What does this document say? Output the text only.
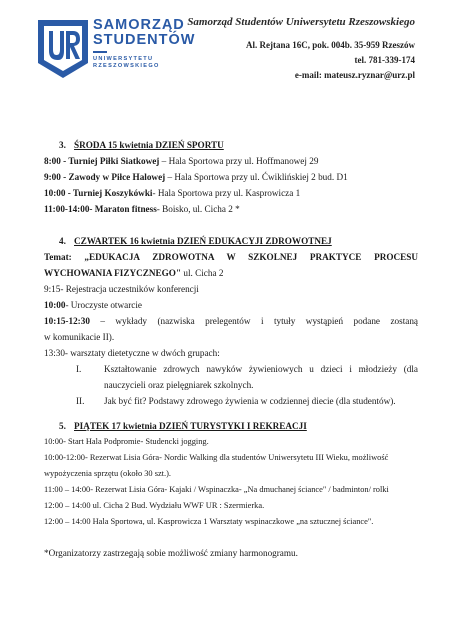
SAMORZĄD
STUDENTÓW
UNIWERSYTETU
RZESZOWSKIEGO
Samorząd Studentów Uniwersytetu Rzeszowskiego
Al. Rejtana 16C, pok. 004b. 35-959 Rzeszów
tel. 781-339-174
e-mail: mateusz.ryznar@urz.pl
3. ŚRODA 15 kwietnia DZIEŃ SPORTU
8:00 - Turniej Piłki Siatkowej – Hala Sportowa przy ul. Hoffmanowej 29
9:00 - Zawody w Piłce Halowej – Hala Sportowa przy ul. Ćwiklińskiej 2 bud. D1
10:00 - Turniej Koszykówki- Hala Sportowa przy ul. Kasprowicza 1
11:00-14:00- Maraton fitness- Boisko, ul. Cicha 2 *
4. CZWARTEK 16 kwietnia DZIEŃ EDUKACYJI ZDROWOTNEJ
Temat: „EDUKACJA ZDROWOTNA W SZKOLNEJ PRAKTYCE PROCESU
WYCHOWANIA FIZYCZNEGO" ul. Cicha 2
9:15- Rejestracja uczestników konferencji
10:00- Uroczyste otwarcie
10:15-12:30 – wykłady (nazwiska prelegentów i tytuły wystąpień podane zostaną
w komunikacie II).
13:30- warsztaty dietetyczne w dwóch grupach:
I.	Kształtowanie zdrowych nawyków żywieniowych u dzieci i młodzieży (dla nauczycieli oraz pielęgniarek szkolnych.
II.	Jak być fit? Podstawy zdrowego żywienia w codziennej diecie (dla studentów).
5. PIĄTEK 17 kwietnia DZIEŃ TURYSTYKI I REKREACJI
10:00- Start Hala Podpromie- Studencki jogging.
10:00-12:00- Rezerwat Lisia Góra- Nordic Walking dla studentów Uniwersytetu III Wieku, możliwość
wypożyczenia sprzętu (około 30 szt.).
11:00 – 14:00- Rezerwat Lisia Góra- Kajaki / Wspinaczka- „Na dmuchanej ściance" / badminton/ rolki
12:00 – 14:00 ul. Cicha 2 Bud. Wydziału WWF UR : Szermierka.
12:00 – 14:00 Hala Sportowa, ul. Kasprowicza 1 Warsztaty wspinaczkowe „na sztucznej ściance".
*Organizatorzy zastrzegają sobie możliwość zmiany harmonogramu.
